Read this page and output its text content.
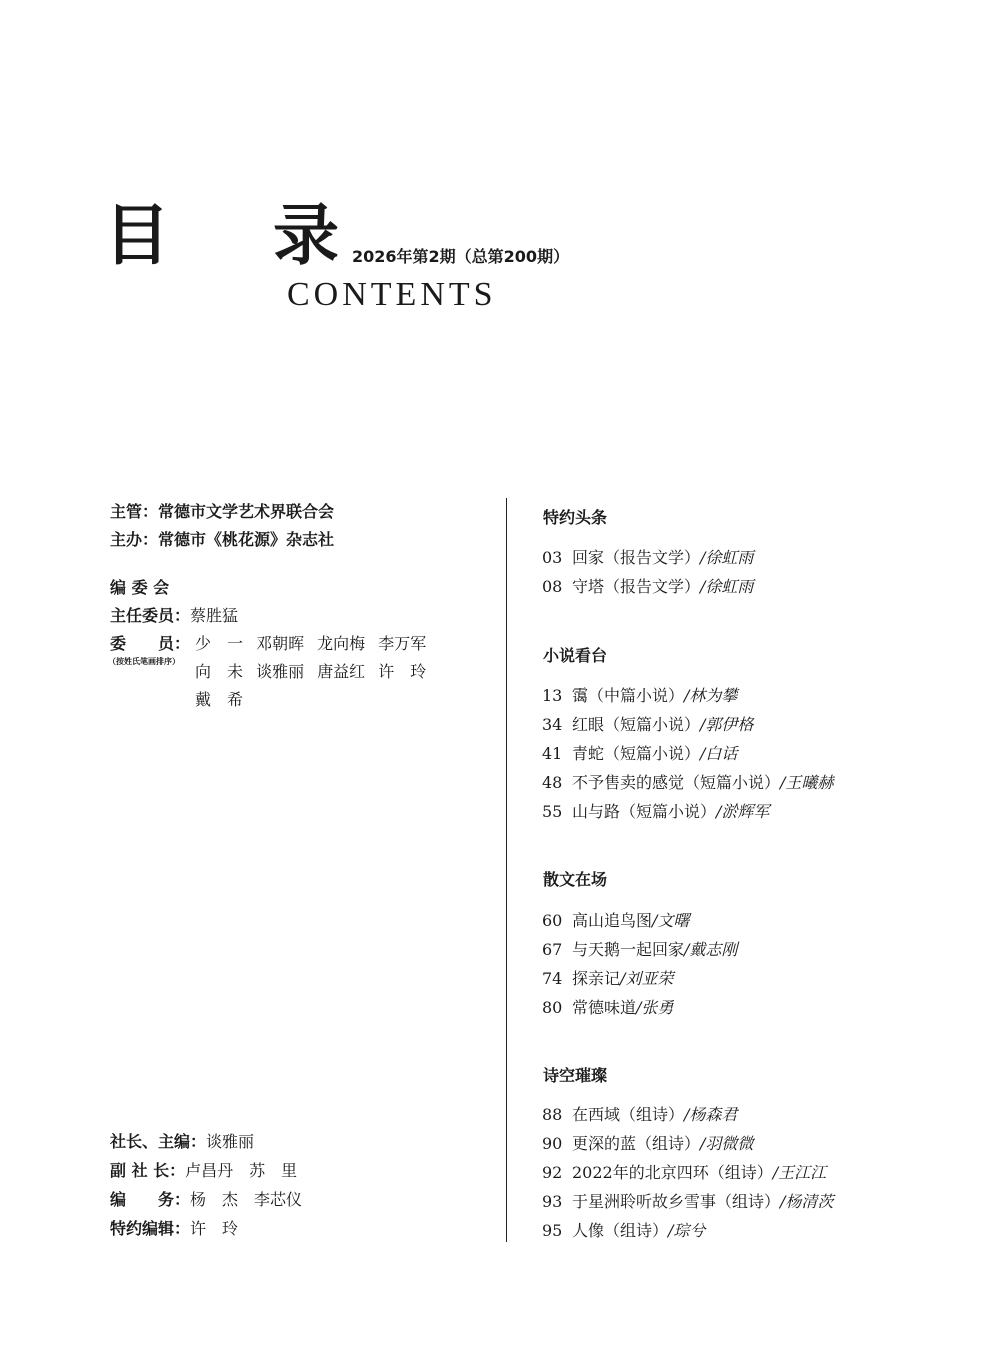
目 录
2026年第2期（总第200期）
CONTENTS
主管：常德市文学艺术界联合会
主办：常德市《桃花源》杂志社
编 委 会
主任委员：蔡胜猛
委　　员：
（按姓氏笔画排序）
少　一 邓朝晖 龙向梅 李万军
向　未 谈雅丽 唐益红 许　玲
戴　希
社长、主编：谈雅丽
副 社 长：卢昌丹　苏　里
编　　务：杨　杰　李芯仪
特约编辑：许　玲
特约头条
03 回家（报告文学）/徐虹雨
08 守塔（报告文学）/徐虹雨
小说看台
13 霭（中篇小说）/林为攀
34 红眼（短篇小说）/郭伊格
41 青蛇（短篇小说）/白话
48 不予售卖的感觉（短篇小说）/王曦赫
55 山与路（短篇小说）/淤辉军
散文在场
60 高山追鸟图/文曙
67 与天鹅一起回家/戴志刚
74 探亲记/刘亚荣
80 常德味道/张勇
诗空璀璨
88 在西域（组诗）/杨森君
90 更深的蓝（组诗）/羽微微
92 2022年的北京四环（组诗）/王江江
93 于星洲聆听故乡雪事（组诗）/杨清茨
95 人像（组诗）/琮兮
